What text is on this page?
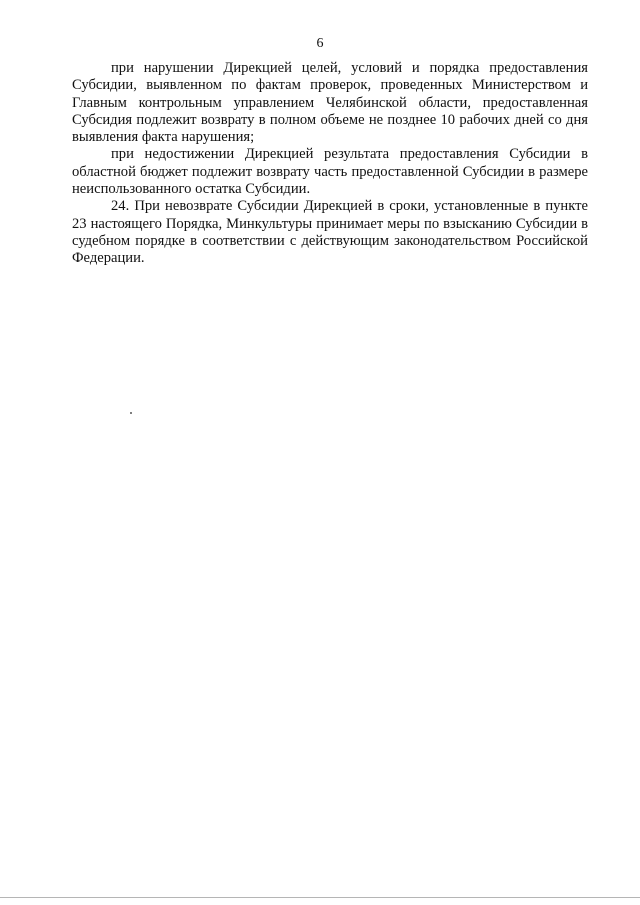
6

при нарушении Дирекцией целей, условий и порядка предоставления Субсидии, выявленном по фактам проверок, проведенных Министерством и Главным контрольным управлением Челябинской области, предоставленная Субсидия подлежит возврату в полном объеме не позднее 10 рабочих дней со дня выявления факта нарушения;

при недостижении Дирекцией результата предоставления Субсидии в областной бюджет подлежит возврату часть предоставленной Субсидии в размере неиспользованного остатка Субсидии.

24. При невозврате Субсидии Дирекцией в сроки, установленные в пункте 23 настоящего Порядка, Минкультуры принимает меры по взысканию Субсидии в судебном порядке в соответствии с действующим законодательством Российской Федерации.
